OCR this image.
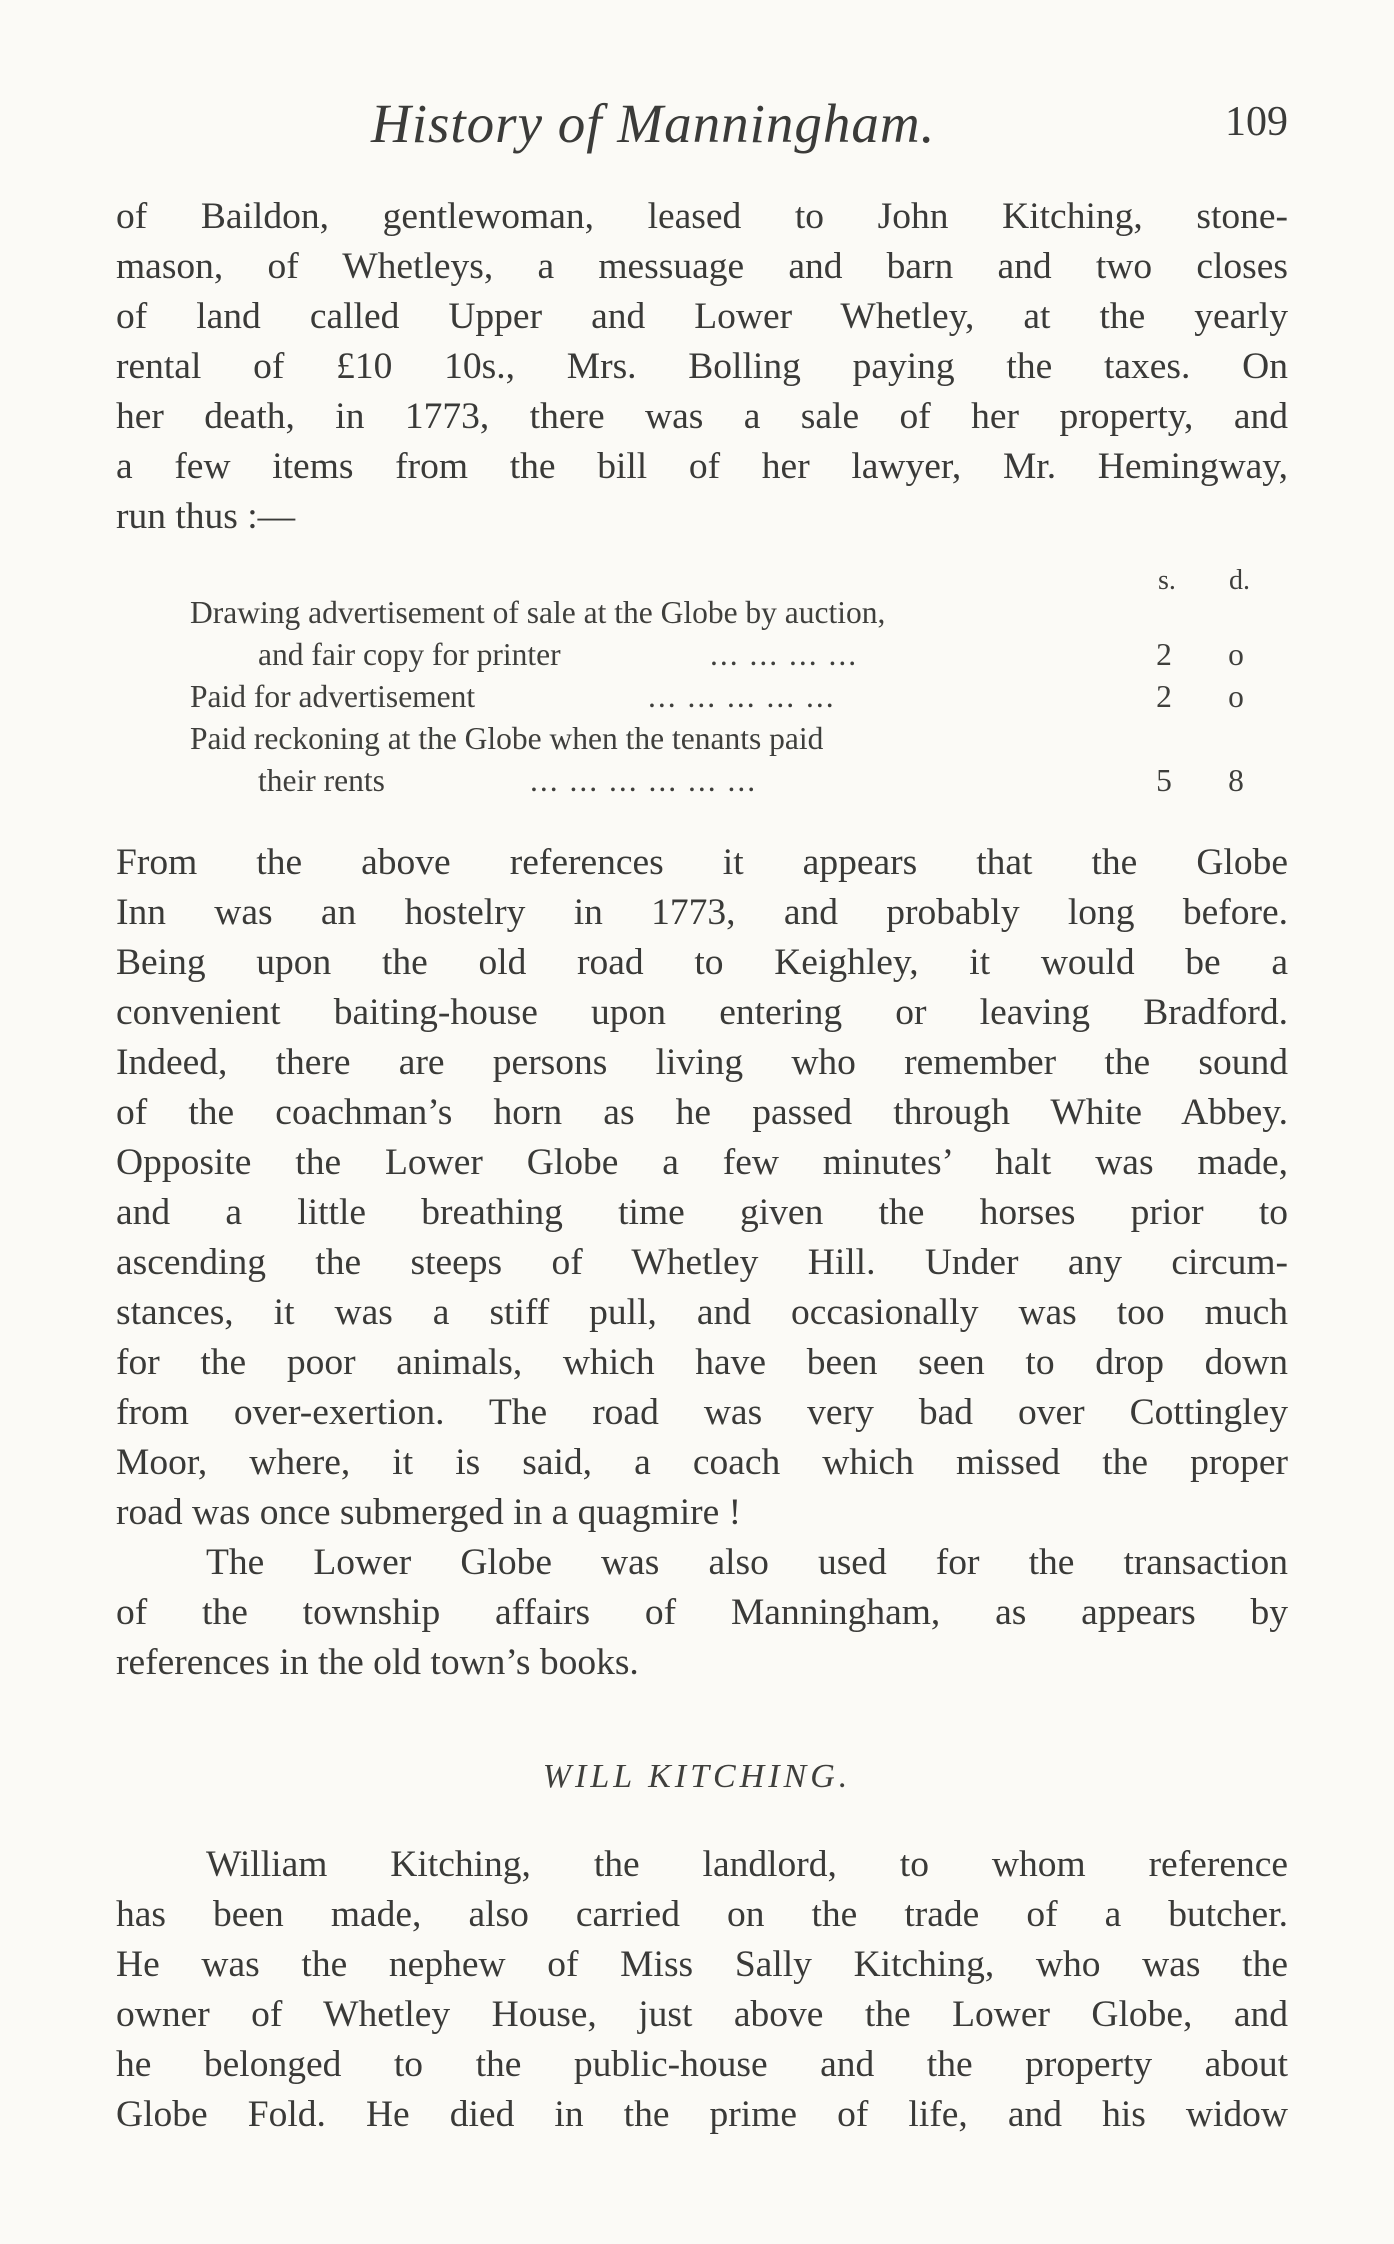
History of Manningham.	109
of Baildon, gentlewoman, leased to John Kitching, stone-
mason, of Whetleys, a messuage and barn and two closes
of land called Upper and Lower Whetley, at the yearly
rental of £10 10s., Mrs. Bolling paying the taxes. On
her death, in 1773, there was a sale of her property, and
a few items from the bill of her lawyer, Mr. Hemingway,
run thus :—
s. d.
Drawing advertisement of sale at the Globe by auction,
and fair copy for printer	... ... ... ...	2 o
Paid for advertisement	... ... ... ... ...	2 o
Paid reckoning at the Globe when the tenants paid
their rents	... ... ... ... ... ...	5 8
From the above references it appears that the Globe
Inn was an hostelry in 1773, and probably long before.
Being upon the old road to Keighley, it would be a
convenient baiting-house upon entering or leaving Bradford.
Indeed, there are persons living who remember the sound
of the coachman’s horn as he passed through White Abbey.
Opposite the Lower Globe a few minutes’ halt was made,
and a little breathing time given the horses prior to
ascending the steeps of Whetley Hill. Under any circum-
stances, it was a stiff pull, and occasionally was too much
for the poor animals, which have been seen to drop down
from over-exertion. The road was very bad over Cottingley
Moor, where, it is said, a coach which missed the proper
road was once submerged in a quagmire !
The Lower Globe was also used for the transaction
of the township affairs of Manningham, as appears by
references in the old town’s books.
WILL KITCHING.
William Kitching, the landlord, to whom reference
has been made, also carried on the trade of a butcher.
He was the nephew of Miss Sally Kitching, who was the
owner of Whetley House, just above the Lower Globe, and
he belonged to the public-house and the property about
Globe Fold. He died in the prime of life, and his widow
